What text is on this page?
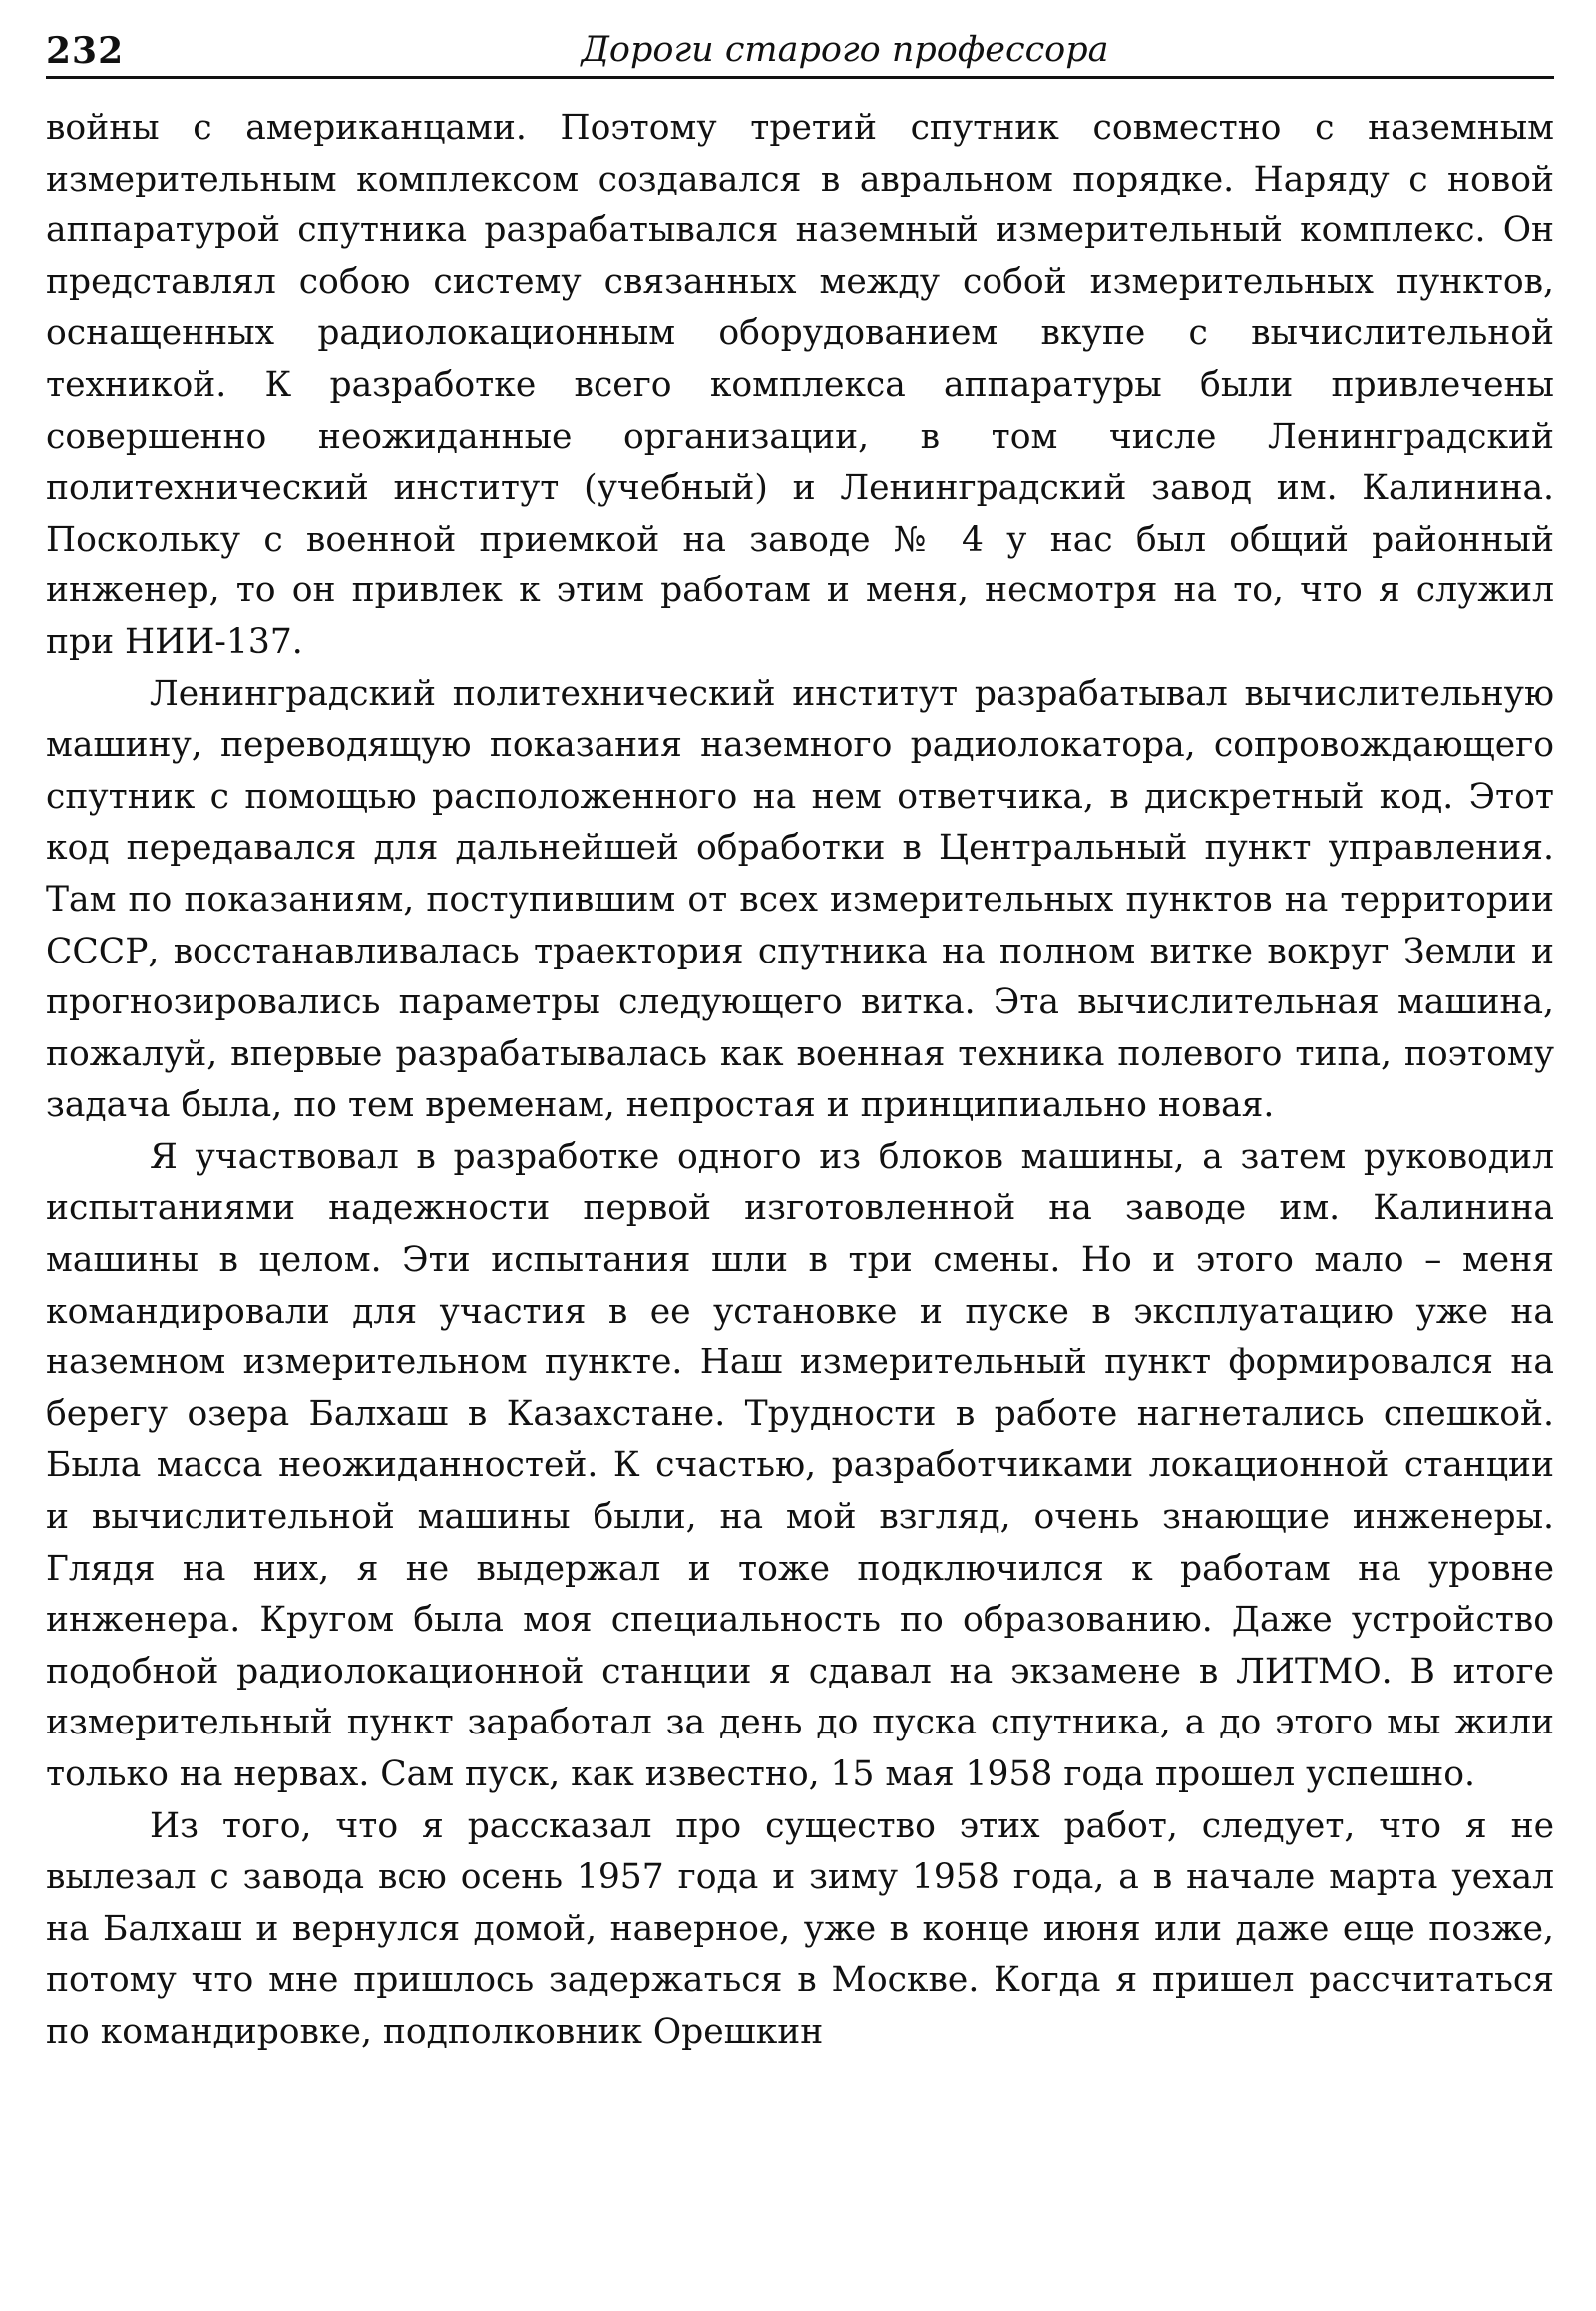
232	Дороги старого профессора

войны с американцами. Поэтому третий спутник совместно с наземным измерительным комплексом создавался в авральном порядке. Наряду с новой аппаратурой спутника разрабатывался наземный измерительный комплекс. Он представлял собою систему связанных между собой измерительных пунктов, оснащенных радиолокационным оборудованием вкупе с вычислительной техникой. К разработке всего комплекса аппаратуры были привлечены совершенно неожиданные организации, в том числе Ленинградский политехнический институт (учебный) и Ленинградский завод им. Калинина. Поскольку с военной приемкой на заводе № 4 у нас был общий районный инженер, то он привлек к этим работам и меня, несмотря на то, что я служил при НИИ-137.

Ленинградский политехнический институт разрабатывал вычислительную машину, переводящую показания наземного радиолокатора, сопровождающего спутник с помощью расположенного на нем ответчика, в дискретный код. Этот код передавался для дальнейшей обработки в Центральный пункт управления. Там по показаниям, поступившим от всех измерительных пунктов на территории СССР, восстанавливалась траектория спутника на полном витке вокруг Земли и прогнозировались параметры следующего витка. Эта вычислительная машина, пожалуй, впервые разрабатывалась как военная техника полевого типа, поэтому задача была, по тем временам, непростая и принципиально новая.

Я участвовал в разработке одного из блоков машины, а затем руководил испытаниями надежности первой изготовленной на заводе им. Калинина машины в целом. Эти испытания шли в три смены. Но и этого мало – меня командировали для участия в ее установке и пуске в эксплуатацию уже на наземном измерительном пункте. Наш измерительный пункт формировался на берегу озера Балхаш в Казахстане. Трудности в работе нагнетались спешкой. Была масса неожиданностей. К счастью, разработчиками локационной станции и вычислительной машины были, на мой взгляд, очень знающие инженеры. Глядя на них, я не выдержал и тоже подключился к работам на уровне инженера. Кругом была моя специальность по образованию. Даже устройство подобной радиолокационной станции я сдавал на экзамене в ЛИТМО. В итоге измерительный пункт заработал за день до пуска спутника, а до этого мы жили только на нервах. Сам пуск, как известно, 15 мая 1958 года прошел успешно.

Из того, что я рассказал про существо этих работ, следует, что я не вылезал с завода всю осень 1957 года и зиму 1958 года, а в начале марта уехал на Балхаш и вернулся домой, наверное, уже в конце июня или даже еще позже, потому что мне пришлось задержаться в Москве. Когда я пришел рассчитаться по командировке, подполковник Орешкин
